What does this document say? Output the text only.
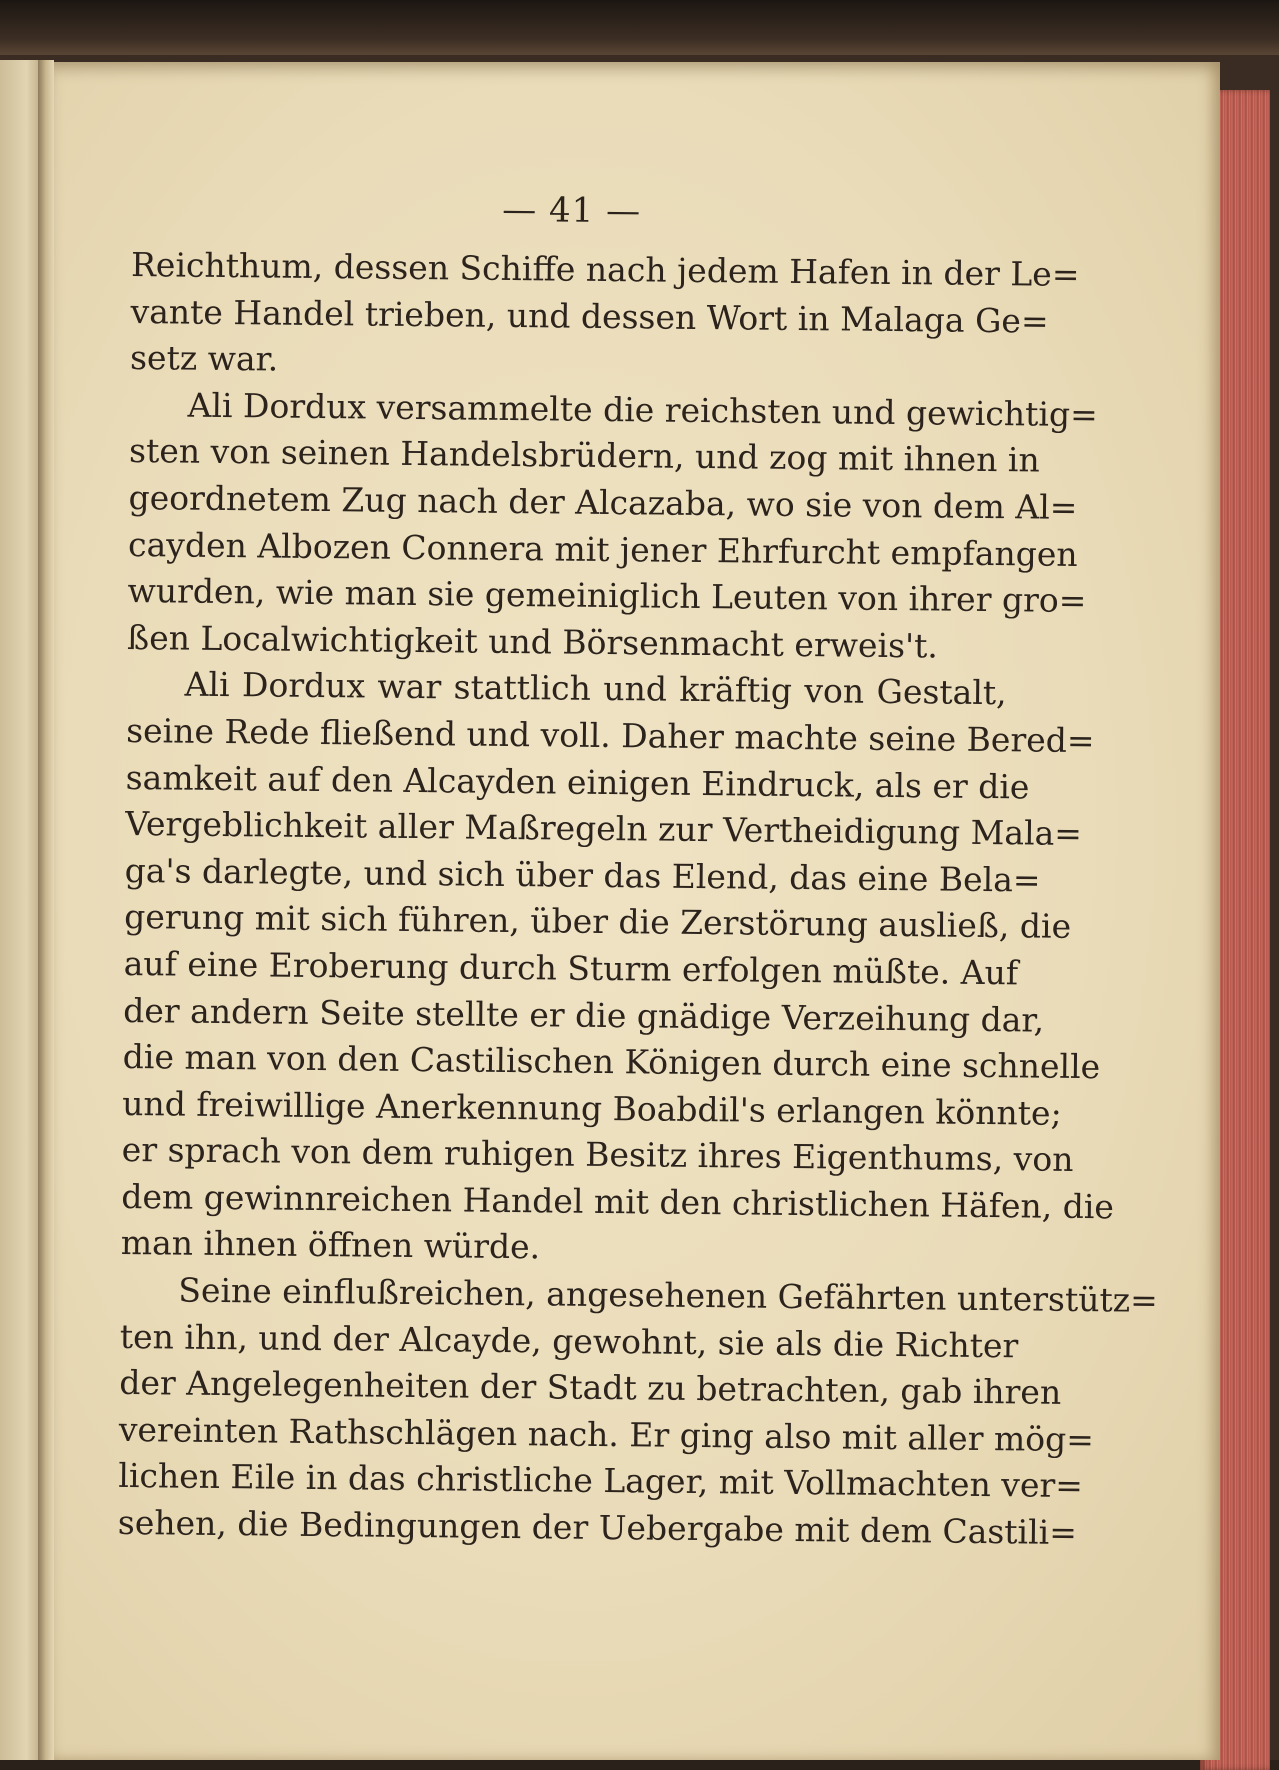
— 41 —
Reichthum, dessen Schiffe nach jedem Hafen in der Le=
vante Handel trieben, und dessen Wort in Malaga Ge=
setz war.
Ali Dordux versammelte die reichsten und gewichtig=
sten von seinen Handelsbrüdern, und zog mit ihnen in
geordnetem Zug nach der Alcazaba, wo sie von dem Al=
cayden Albozen Connera mit jener Ehrfurcht empfangen
wurden, wie man sie gemeiniglich Leuten von ihrer gro=
ßen Localwichtigkeit und Börsenmacht erweis't.
Ali Dordux war stattlich und kräftig von Gestalt,
seine Rede fließend und voll. Daher machte seine Bered=
samkeit auf den Alcayden einigen Eindruck, als er die
Vergeblichkeit aller Maßregeln zur Vertheidigung Mala=
ga's darlegte, und sich über das Elend, das eine Bela=
gerung mit sich führen, über die Zerstörung ausließ, die
auf eine Eroberung durch Sturm erfolgen müßte. Auf
der andern Seite stellte er die gnädige Verzeihung dar,
die man von den Castilischen Königen durch eine schnelle
und freiwillige Anerkennung Boabdil's erlangen könnte;
er sprach von dem ruhigen Besitz ihres Eigenthums, von
dem gewinnreichen Handel mit den christlichen Häfen, die
man ihnen öffnen würde.
Seine einflußreichen, angesehenen Gefährten unterstütz=
ten ihn, und der Alcayde, gewohnt, sie als die Richter
der Angelegenheiten der Stadt zu betrachten, gab ihren
vereinten Rathschlägen nach. Er ging also mit aller mög=
lichen Eile in das christliche Lager, mit Vollmachten ver=
sehen, die Bedingungen der Uebergabe mit dem Castili=
